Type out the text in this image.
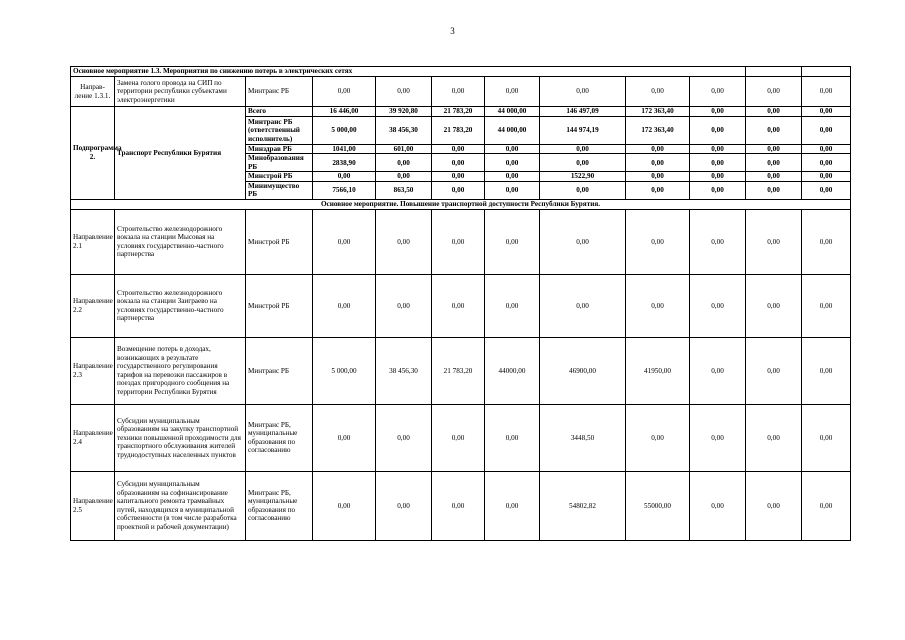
3
Основное мероприятие 1.3. Мероприятия по снижению потерь в электрических сетях											
Направ-ление 1.3.1.	Замена голого провода на СИП по территории республики субъектами электроэнергетики	Минтранс РБ	0,00	0,00	0,00	0,00	0,00	0,00	0,00	0,00	0,00
Подпрограмма 2.	Транспорт Республики Бурятия	Всего	16 446,00	39 920,80	21 783,20	44 000,00	146 497,09	172 363,40	0,00	0,00	0,00
		Минтранс РБ (ответственный исполнитель)	5 000,00	38 456,30	21 783,20	44 000,00	144 974,19	172 363,40	0,00	0,00	0,00
		Минздрав РБ	1041,00	601,00	0,00	0,00	0,00	0,00	0,00	0,00	0,00
		Минобразования РБ	2838,90	0,00	0,00	0,00	0,00	0,00	0,00	0,00	0,00
		Минстрой РБ	0,00	0,00	0,00	0,00	1522,90	0,00	0,00	0,00	0,00
		Минимущество РБ	7566,10	863,50	0,00	0,00	0,00	0,00	0,00	0,00	0,00
Основное мероприятие. Повышение транспортной доступности Республики Бурятия.											
Направление 2.1	Строительство железнодорожного вокзала на станции Мысовая на условиях государственно-частного партнерства	Минстрой РБ	0,00	0,00	0,00	0,00	0,00	0,00	0,00	0,00	0,00
Направление 2.2	Строительство железнодорожного вокзала на станции Заиграево на условиях государственно-частного партнерства	Минстрой РБ	0,00	0,00	0,00	0,00	0,00	0,00	0,00	0,00	0,00
Направление 2.3	Возмещение потерь в доходах, возникающих в результате государственного регулирования тарифов на перевозки пассажиров в поездах пригородного сообщения на территории Республики Бурятия	Минтранс РБ	5 000,00	38 456,30	21 783,20	44000,00	46900,00	41950,00	0,00	0,00	0,00
Направление 2.4	Субсидии муниципальным образованиям на закупку транспортной техники повышенной проходимости для транспортного обслуживания жителей труднодоступных населенных пунктов	Минтранс РБ, муниципальные образования по согласованию	0,00	0,00	0,00	0,00	3448,50	0,00	0,00	0,00	0,00
Направление 2.5	Субсидии муниципальным образованиям на софинансирование капитального ремонта трамвайных путей, находящихся в муниципальной собственности (в том числе разработка проектной и рабочей документации)	Минтранс РБ, муниципальные образования по согласованию	0,00	0,00	0,00	0,00	54802,82	55000,00	0,00	0,00	0,00
